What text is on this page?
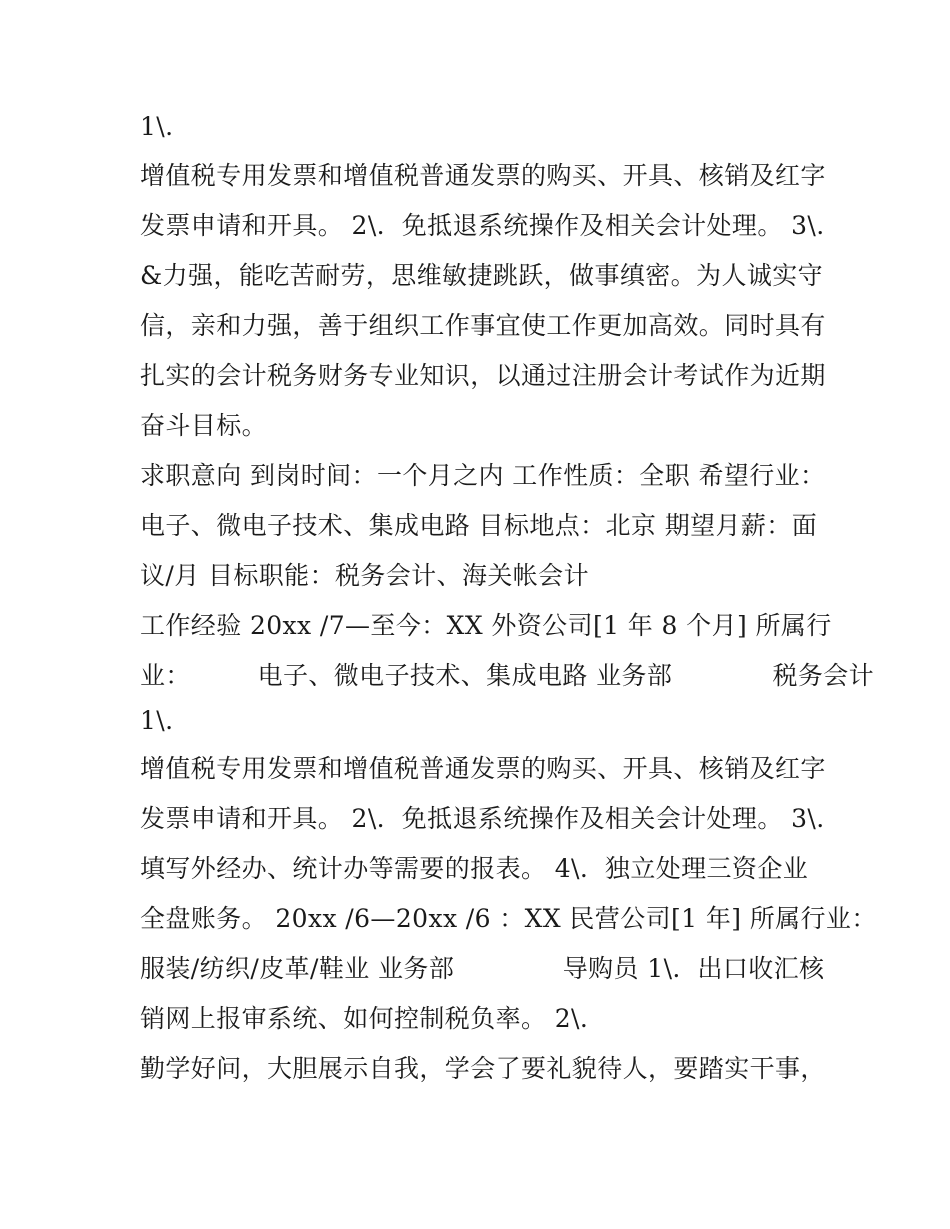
1\.
增值税专用发票和增值税普通发票的购买、开具、核销及红字
发票申请和开具。 2\.  免抵退系统操作及相关会计处理。 3\.
&力强，能吃苦耐劳，思维敏捷跳跃，做事缜密。为人诚实守
信，亲和力强，善于组织工作事宜使工作更加高效。同时具有
扎实的会计税务财务专业知识，以通过注册会计考试作为近期
奋斗目标。
求职意向 到岗时间：一个月之内 工作性质：全职 希望行业：
电子、微电子技术、集成电路 目标地点：北京 期望月薪：面
议/月 目标职能：税务会计、海关帐会计
工作经验 20xx /7—至今：XX 外资公司[1 年 8 个月] 所属行
业：        电子、微电子技术、集成电路 业务部            税务会计
1\.
增值税专用发票和增值税普通发票的购买、开具、核销及红字
发票申请和开具。 2\.  免抵退系统操作及相关会计处理。 3\.
填写外经办、统计办等需要的报表。 4\.  独立处理三资企业
全盘账务。 20xx /6—20xx /6 ：XX 民营公司[1 年] 所属行业：
服装/纺织/皮革/鞋业 业务部             导购员 1\.  出口收汇核
销网上报审系统、如何控制税负率。 2\.
勤学好问，大胆展示自我，学会了要礼貌待人，要踏实干事，
